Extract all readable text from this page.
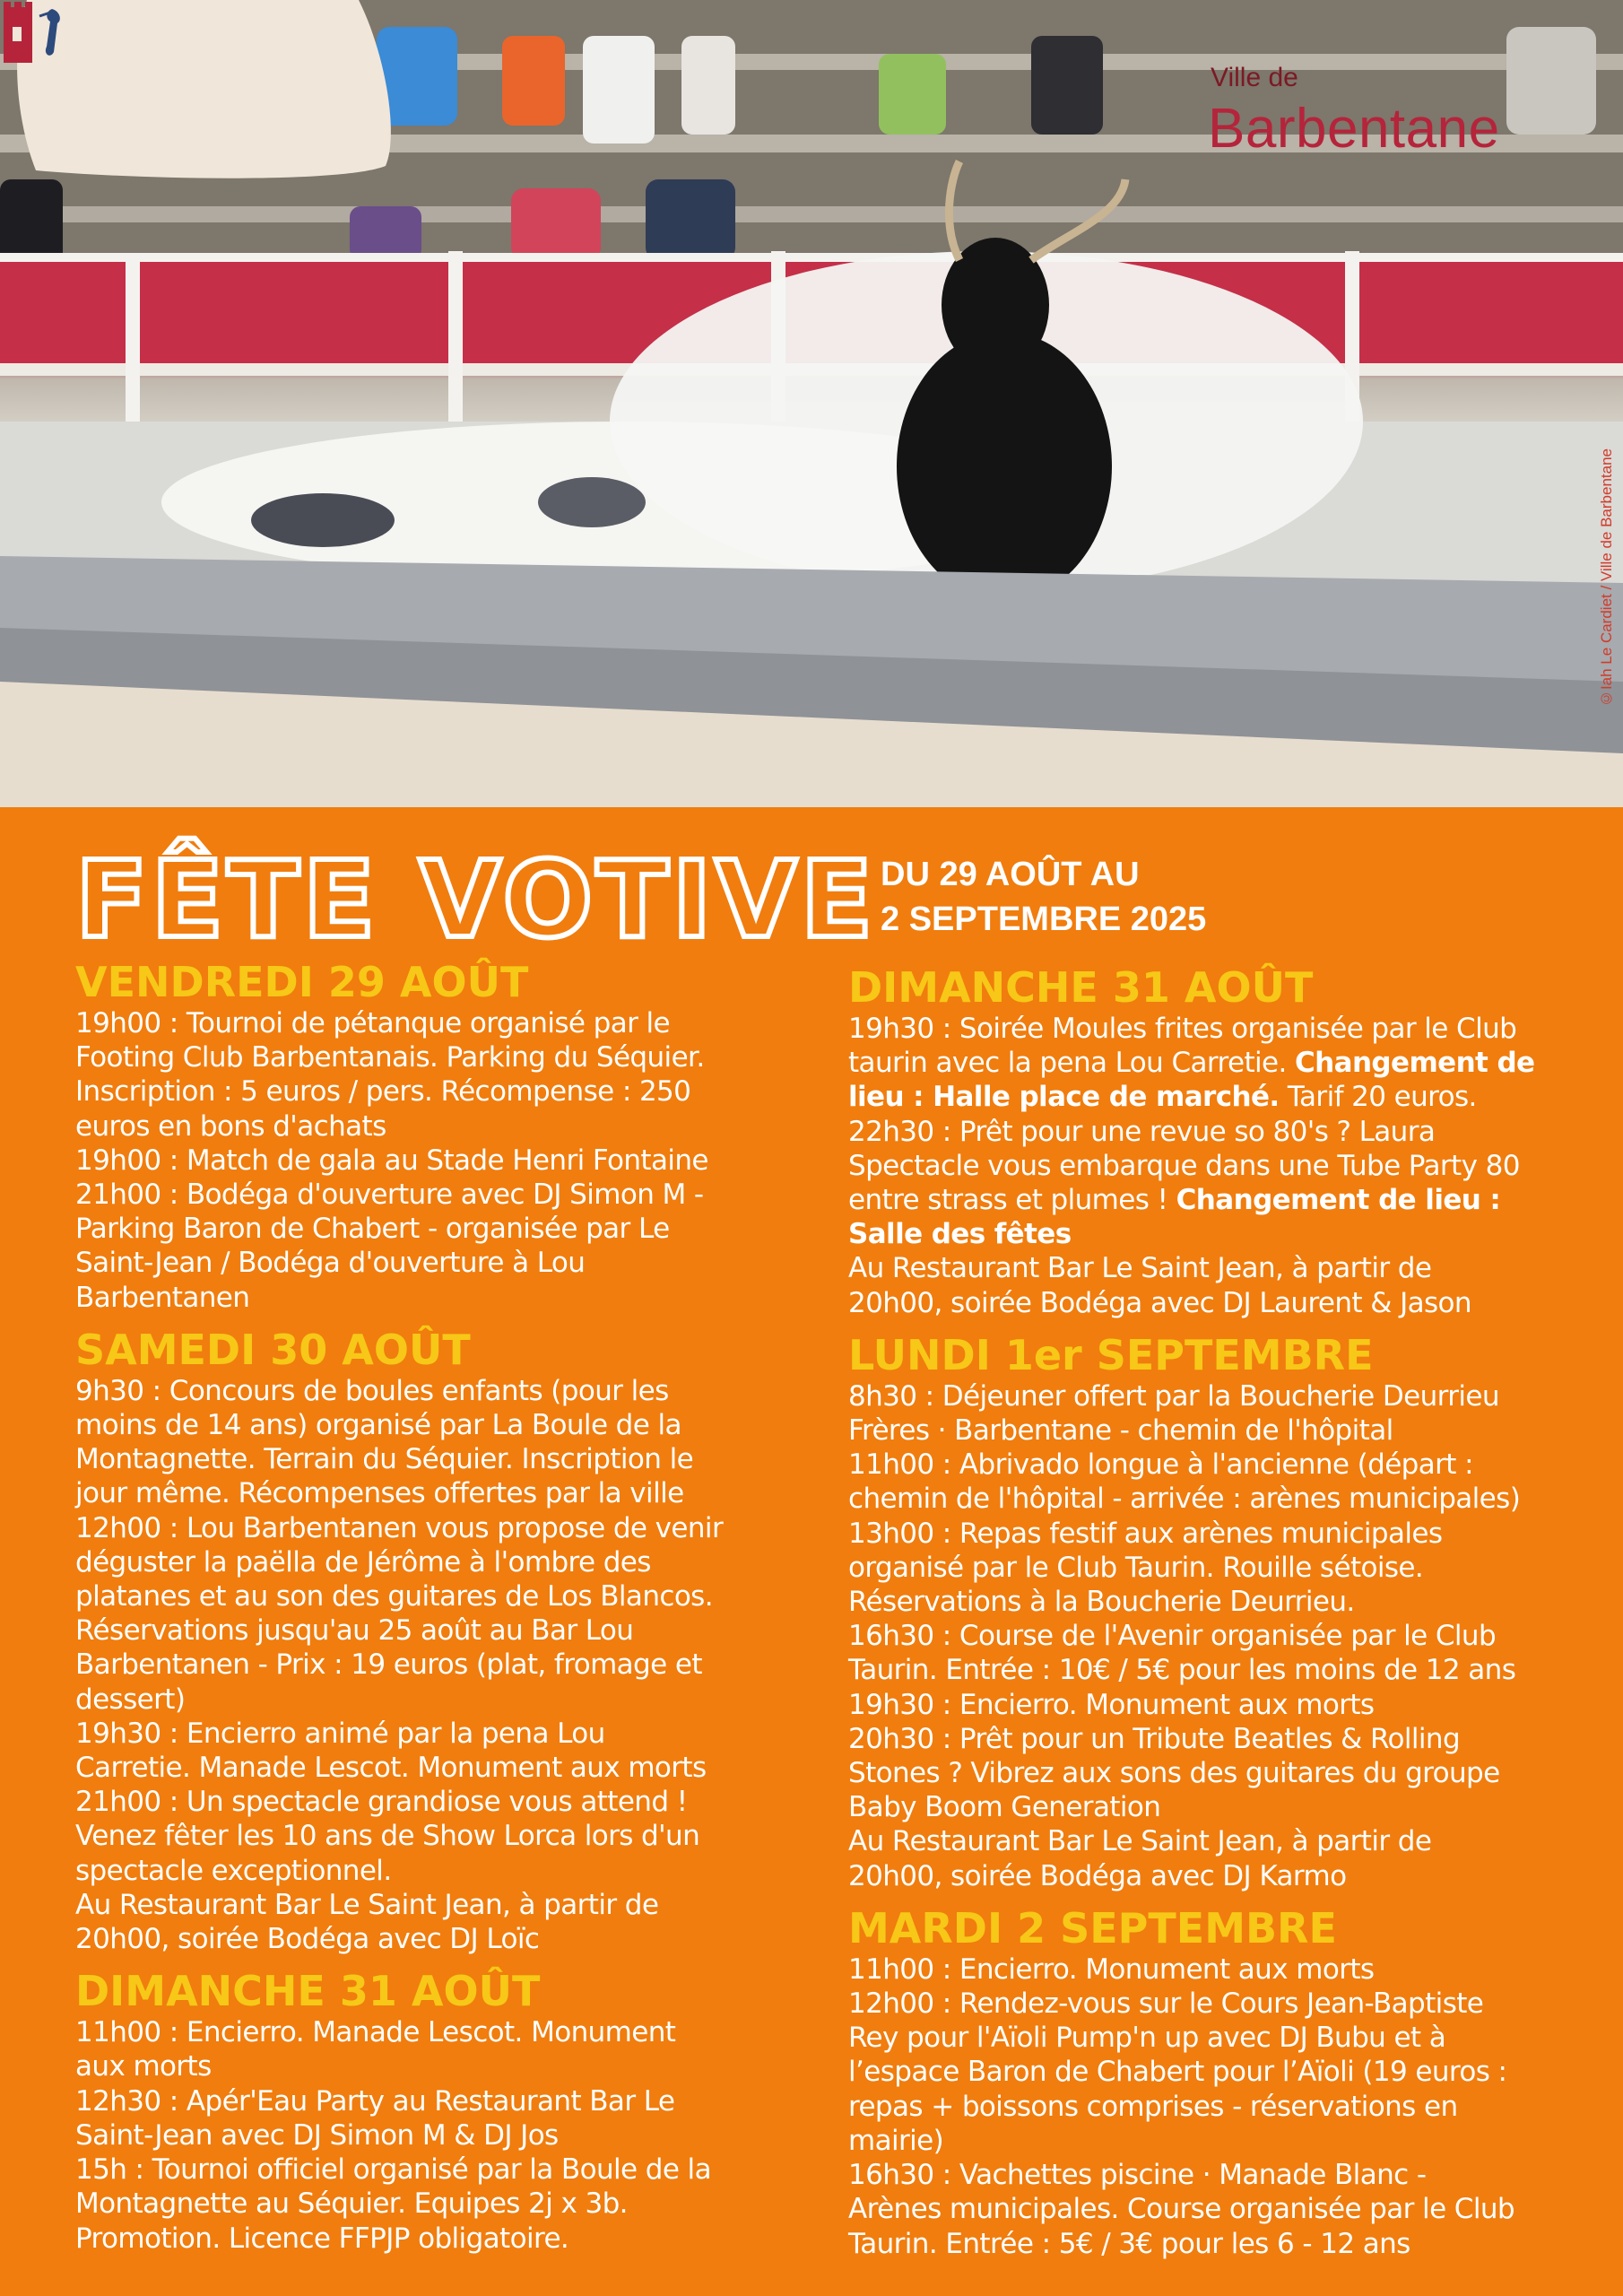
Ville de
Barbentane
©Iah Le Cardiet / Ville de Barbentane
FÊTE VOTIVE DU 29 AOÛT AU
2 SEPTEMBRE 2025
VENDREDI 29 AOÛT
19h00 : Tournoi de pétanque organisé par le
Footing Club Barbentanais. Parking du Séquier.
Inscription : 5 euros / pers. Récompense : 250
euros en bons d'achats
19h00 : Match de gala au Stade Henri Fontaine
21h00 : Bodéga d'ouverture avec DJ Simon M -
Parking Baron de Chabert - organisée par Le
Saint-Jean / Bodéga d'ouverture à Lou
Barbentanen
SAMEDI 30 AOÛT
9h30 : Concours de boules enfants (pour les
moins de 14 ans) organisé par La Boule de la
Montagnette. Terrain du Séquier. Inscription le
jour même. Récompenses offertes par la ville
12h00 : Lou Barbentanen vous propose de venir
déguster la paëlla de Jérôme à l'ombre des
platanes et au son des guitares de Los Blancos.
Réservations jusqu'au 25 août au Bar Lou
Barbentanen - Prix : 19 euros (plat, fromage et
dessert)
19h30 : Encierro animé par la pena Lou
Carretie. Manade Lescot. Monument aux morts
21h00 : Un spectacle grandiose vous attend !
Venez fêter les 10 ans de Show Lorca lors d'un
spectacle exceptionnel.
Au Restaurant Bar Le Saint Jean, à partir de
20h00, soirée Bodéga avec DJ Loïc
DIMANCHE 31 AOÛT
11h00 : Encierro. Manade Lescot. Monument
aux morts
12h30 : Apér'Eau Party au Restaurant Bar Le
Saint-Jean avec DJ Simon M & DJ Jos
15h : Tournoi officiel organisé par la Boule de la
Montagnette au Séquier. Equipes 2j x 3b.
Promotion. Licence FFPJP obligatoire.
DIMANCHE 31 AOÛT
19h30 : Soirée Moules frites organisée par le Club
taurin avec la pena Lou Carretie. Changement de
lieu : Halle place de marché. Tarif 20 euros.
22h30 : Prêt pour une revue so 80's ? Laura
Spectacle vous embarque dans une Tube Party 80
entre strass et plumes ! Changement de lieu :
Salle des fêtes
Au Restaurant Bar Le Saint Jean, à partir de
20h00, soirée Bodéga avec DJ Laurent & Jason
LUNDI 1er SEPTEMBRE
8h30 : Déjeuner offert par la Boucherie Deurrieu
Frères · Barbentane - chemin de l'hôpital
11h00 : Abrivado longue à l'ancienne (départ :
chemin de l'hôpital - arrivée : arènes municipales)
13h00 : Repas festif aux arènes municipales
organisé par le Club Taurin. Rouille sétoise.
Réservations à la Boucherie Deurrieu.
16h30 : Course de l'Avenir organisée par le Club
Taurin. Entrée : 10€ / 5€ pour les moins de 12 ans
19h30 : Encierro. Monument aux morts
20h30 : Prêt pour un Tribute Beatles & Rolling
Stones ? Vibrez aux sons des guitares du groupe
Baby Boom Generation
Au Restaurant Bar Le Saint Jean, à partir de
20h00, soirée Bodéga avec DJ Karmo
MARDI 2 SEPTEMBRE
11h00 : Encierro. Monument aux morts
12h00 : Rendez-vous sur le Cours Jean-Baptiste
Rey pour l'Aïoli Pump'n up avec DJ Bubu et à
l’espace Baron de Chabert pour l’Aïoli (19 euros :
repas + boissons comprises - réservations en
mairie)
16h30 : Vachettes piscine · Manade Blanc -
Arènes municipales. Course organisée par le Club
Taurin. Entrée : 5€ / 3€ pour les 6 - 12 ans
